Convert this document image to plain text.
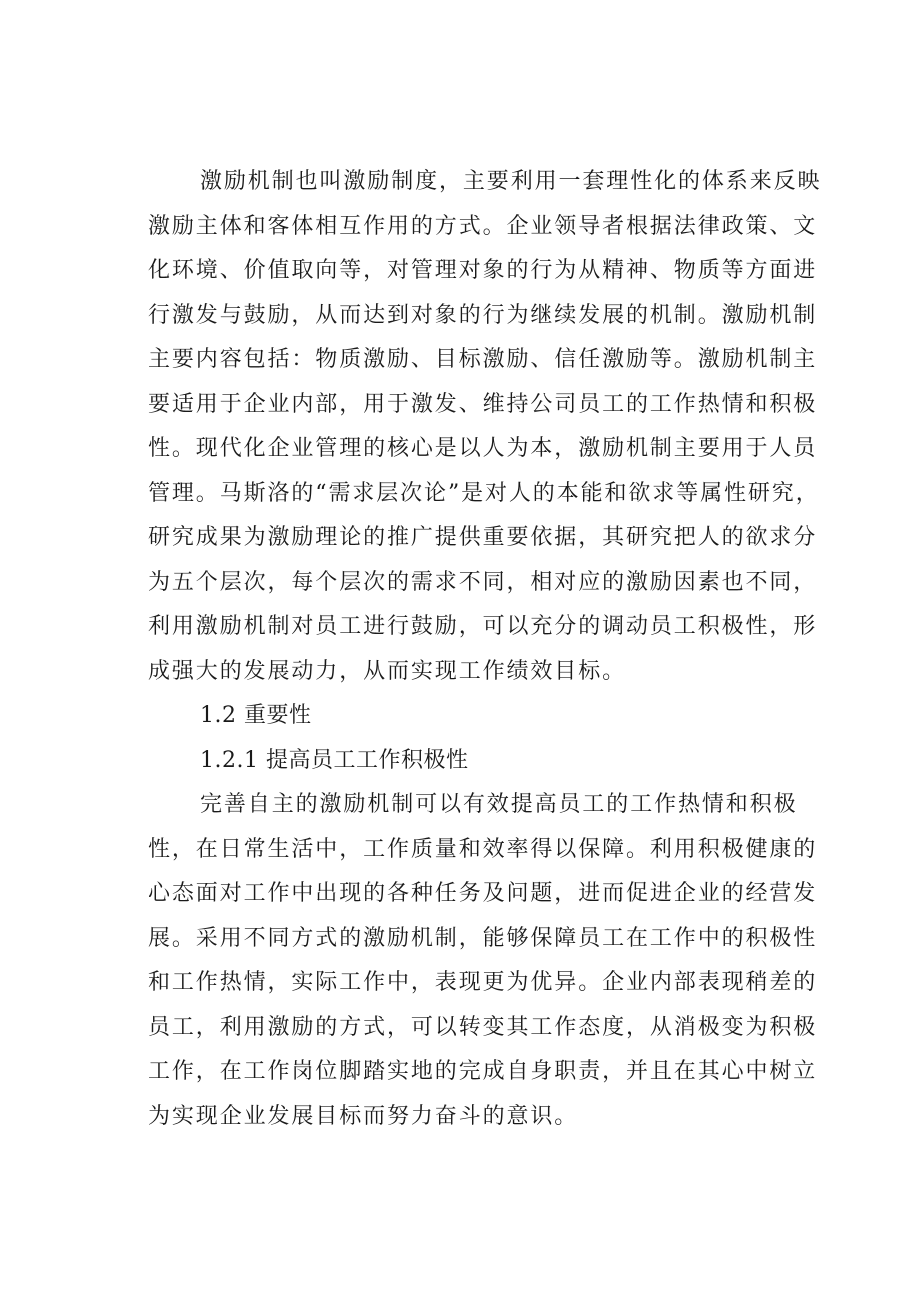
激励机制也叫激励制度，主要利用一套理性化的体系来反映
激励主体和客体相互作用的方式。企业领导者根据法律政策、文
化环境、价值取向等，对管理对象的行为从精神、物质等方面进
行激发与鼓励，从而达到对象的行为继续发展的机制。激励机制
主要内容包括：物质激励、目标激励、信任激励等。激励机制主
要适用于企业内部，用于激发、维持公司员工的工作热情和积极
性。现代化企业管理的核心是以人为本，激励机制主要用于人员
管理。马斯洛的“需求层次论”是对人的本能和欲求等属性研究，
研究成果为激励理论的推广提供重要依据，其研究把人的欲求分
为五个层次，每个层次的需求不同，相对应的激励因素也不同，
利用激励机制对员工进行鼓励，可以充分的调动员工积极性，形
成强大的发展动力，从而实现工作绩效目标。
1.2 重要性
1.2.1 提高员工工作积极性
完善自主的激励机制可以有效提高员工的工作热情和积极
性，在日常生活中，工作质量和效率得以保障。利用积极健康的
心态面对工作中出现的各种任务及问题，进而促进企业的经营发
展。采用不同方式的激励机制，能够保障员工在工作中的积极性
和工作热情，实际工作中，表现更为优异。企业内部表现稍差的
员工，利用激励的方式，可以转变其工作态度，从消极变为积极
工作，在工作岗位脚踏实地的完成自身职责，并且在其心中树立
为实现企业发展目标而努力奋斗的意识。
